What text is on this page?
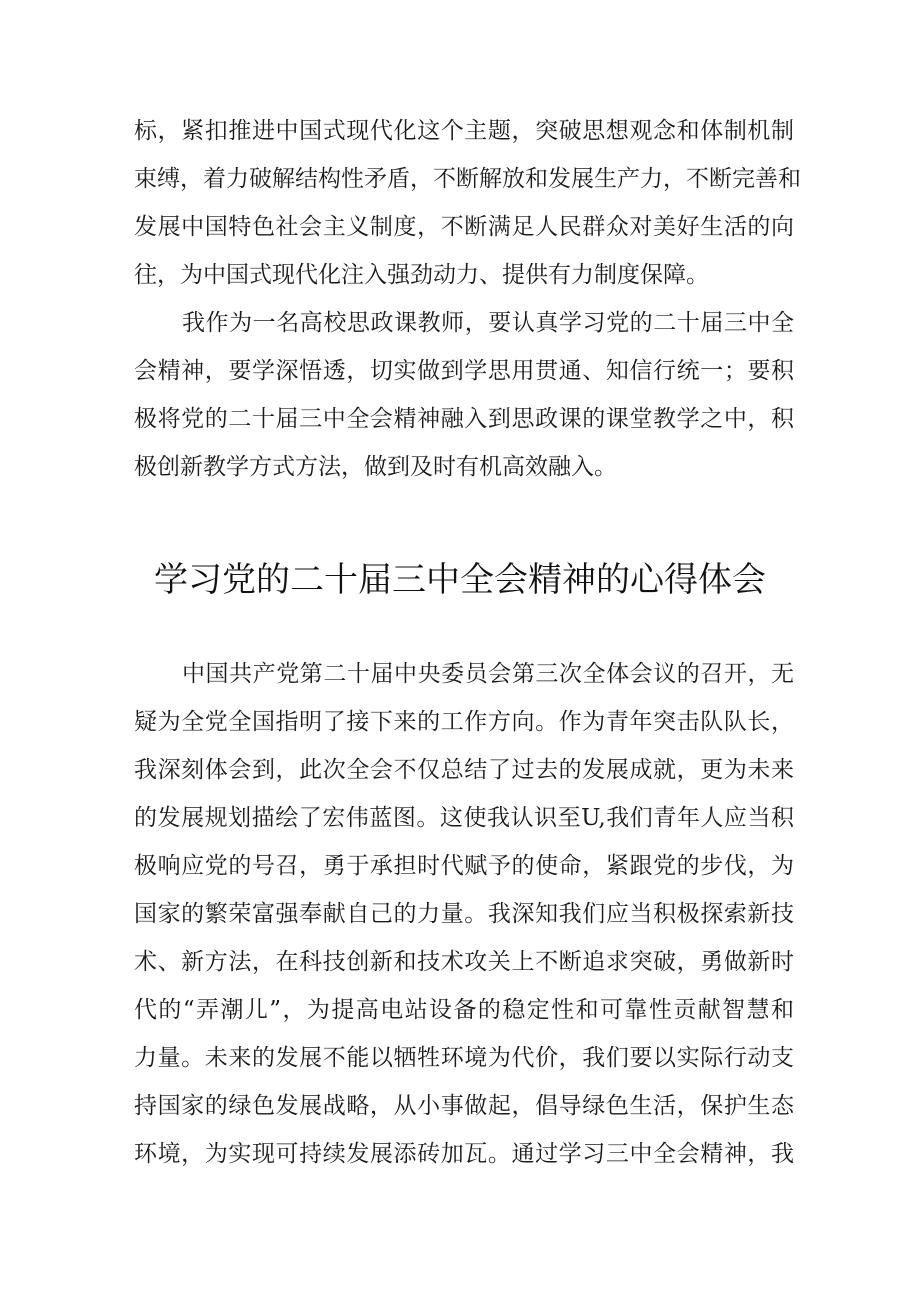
标，紧扣推进中国式现代化这个主题，突破思想观念和体制机制
束缚，着力破解结构性矛盾，不断解放和发展生产力，不断完善和
发展中国特色社会主义制度，不断满足人民群众对美好生活的向
往，为中国式现代化注入强劲动力、提供有力制度保障。
我作为一名高校思政课教师，要认真学习党的二十届三中全
会精神，要学深悟透，切实做到学思用贯通、知信行统一；要积
极将党的二十届三中全会精神融入到思政课的课堂教学之中，积
极创新教学方式方法，做到及时有机高效融入。
学习党的二十届三中全会精神的心得体会
中国共产党第二十届中央委员会第三次全体会议的召开，无
疑为全党全国指明了接下来的工作方向。作为青年突击队队长，
我深刻体会到，此次全会不仅总结了过去的发展成就，更为未来
的发展规划描绘了宏伟蓝图。这使我认识至U,我们青年人应当积
极响应党的号召，勇于承担时代赋予的使命，紧跟党的步伐，为
国家的繁荣富强奉献自己的力量。我深知我们应当积极探索新技
术、新方法，在科技创新和技术攻关上不断追求突破，勇做新时
代的“弄潮儿”，为提高电站设备的稳定性和可靠性贡献智慧和
力量。未来的发展不能以牺牲环境为代价，我们要以实际行动支
持国家的绿色发展战略，从小事做起，倡导绿色生活，保护生态
环境，为实现可持续发展添砖加瓦。通过学习三中全会精神，我
